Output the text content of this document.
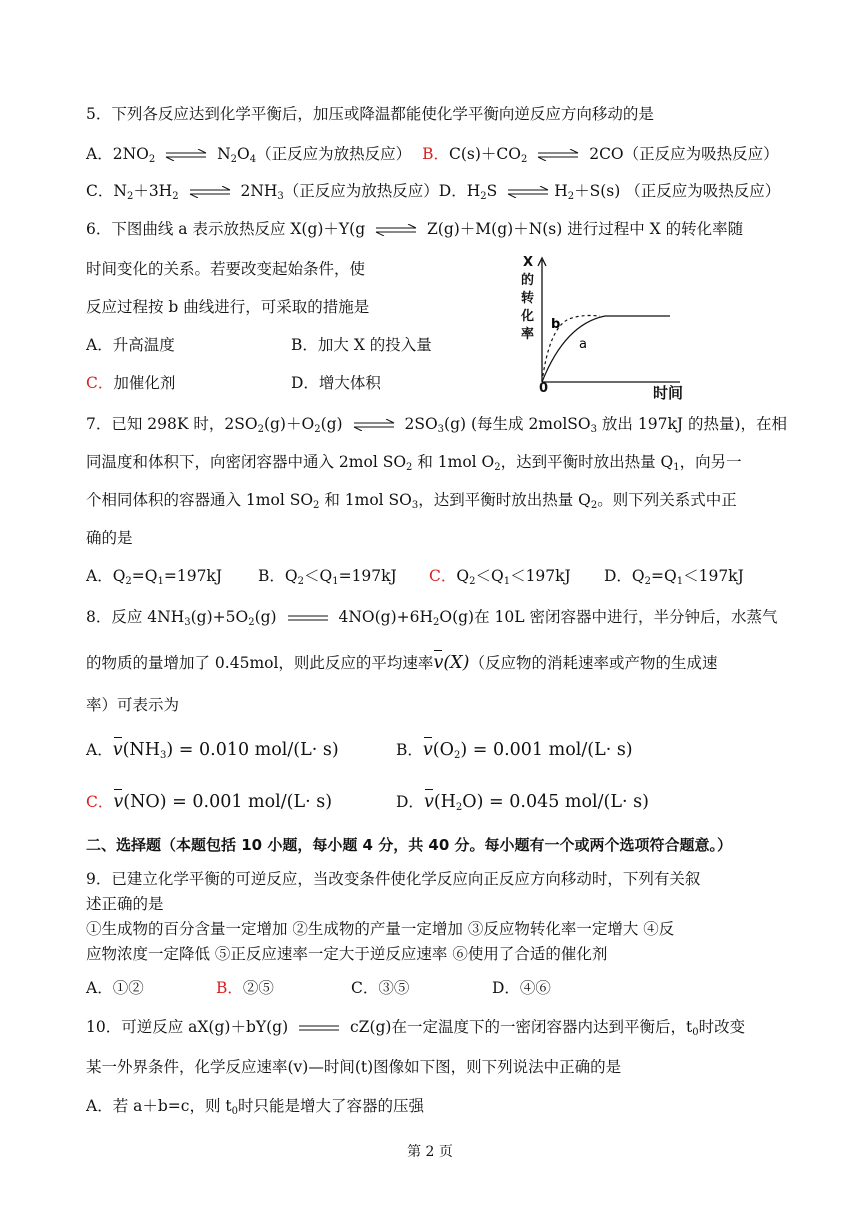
5．下列各反应达到化学平衡后，加压或降温都能使化学平衡向逆反应方向移动的是
A．$2NO_2$ ⇌ $N_2O_4$（正反应为放热反应） B．$C(s)+CO_2$ ⇌ 2CO（正反应为吸热反应）
C．$N_2+3H_2$ ⇌ $2NH_3$（正反应为放热反应）D．$H_2S$ ⇌ $H_2+S(s)$ （正反应为吸热反应）
6．下图曲线 a 表示放热反应 X(g)＋Y(g ⇌ Z(g)＋M(g)＋N(s) 进行过程中 X 的转化率随
时间变化的关系。若要改变起始条件，使
反应过程按 b 曲线进行，可采取的措施是
A．升高温度	B．加大 X 的投入量
C．加催化剂	D．增大体积
X
的
转
化
率
时间
0
a
b
7．已知 298K 时，$2SO_2(g)+O_2(g)$ ⇌ $2SO_3(g)$ (每生成 2molSO$_3$ 放出 197kJ 的热量)，在相
同温度和体积下，向密闭容器中通入 2mol $SO_2$ 和 1mol $O_2$，达到平衡时放出热量 $Q_1$，向另一
个相同体积的容器通入 1mol $SO_2$ 和 1mol $SO_3$，达到平衡时放出热量 $Q_2$。则下列关系式中正
确的是
A．$Q_2=Q_1=197kJ$ B．$Q_2<Q_1=197kJ$ C．$Q_2<Q_1<197kJ$ D．$Q_2=Q_1<197kJ$
8．反应 $4NH_3(g)+5O_2(g)$	$4NO(g)+6H_2O(g)$在 10L 密闭容器中进行，半分钟后，水蒸气
的物质的量增加了 0.45mol，则此反应的平均速率v(X)（反应物的消耗速率或产物的生成速
率）可表示为
A．$v(NH_3) = 0.010$ mol/(L· s)	B．$v(O_2) = 0.001$ mol/(L· s)
C．v(NO) = 0.001 mol/(L· s)	D．$v(H_2O) = 0.045$ mol/(L· s)
二、选择题（本题包括 10 小题，每小题 4 分，共 40 分。每小题有一个或两个选项符合题意。）
9．已建立化学平衡的可逆反应，当改变条件使化学反应向正反应方向移动时，下列有关叙
述正确的是
①生成物的百分含量一定增加 ②生成物的产量一定增加 ③反应物转化率一定增大 ④反
应物浓度一定降低 ⑤正反应速率一定大于逆反应速率 ⑥使用了合适的催化剂
A．①②	B．②⑤	C．③⑤	D．④⑥
10．可逆反应 aX(g)＋bY(g)	cZ(g)在一定温度下的一密闭容器内达到平衡后，$t_0$时改变
某一外界条件，化学反应速率(v)—时间(t)图像如下图，则下列说法中正确的是
A．若 a＋b=c，则 $t_0$时只能是增大了容器的压强
第 2 页
